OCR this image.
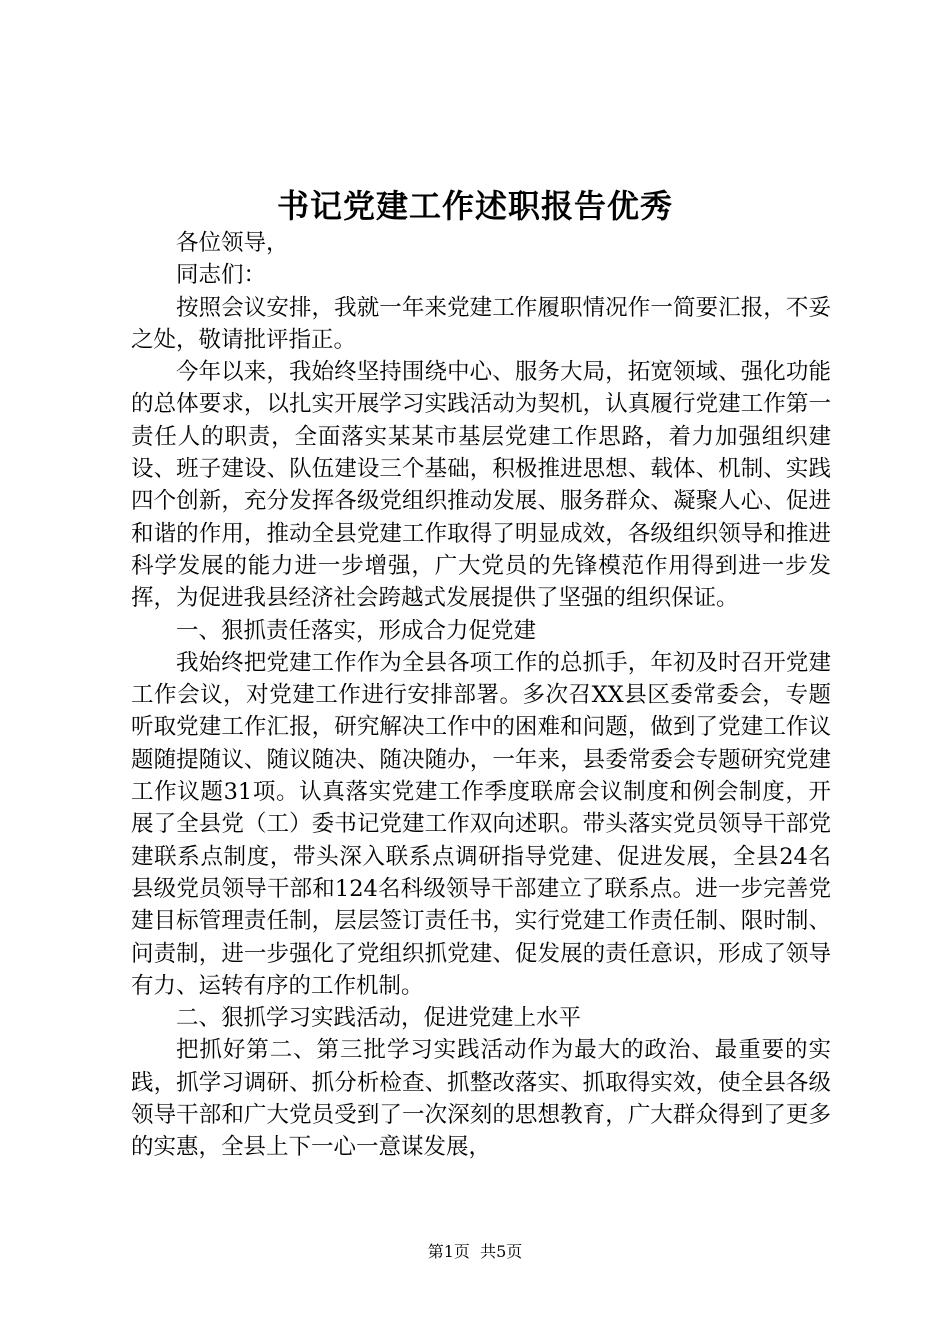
书记党建工作述职报告优秀

各位领导，

同志们：

按照会议安排，我就一年来党建工作履职情况作一简要汇报，不妥之处，敬请批评指正。

今年以来，我始终坚持围绕中心、服务大局，拓宽领域、强化功能的总体要求，以扎实开展学习实践活动为契机，认真履行党建工作第一责任人的职责，全面落实某某市基层党建工作思路，着力加强组织建设、班子建设、队伍建设三个基础，积极推进思想、载体、机制、实践四个创新，充分发挥各级党组织推动发展、服务群众、凝聚人心、促进和谐的作用，推动全县党建工作取得了明显成效，各级组织领导和推进科学发展的能力进一步增强，广大党员的先锋模范作用得到进一步发挥，为促进我县经济社会跨越式发展提供了坚强的组织保证。

一、狠抓责任落实，形成合力促党建

我始终把党建工作作为全县各项工作的总抓手，年初及时召开党建工作会议，对党建工作进行安排部署。多次召XX县区委常委会，专题听取党建工作汇报，研究解决工作中的困难和问题，做到了党建工作议题随提随议、随议随决、随决随办，一年来，县委常委会专题研究党建工作议题31项。认真落实党建工作季度联席会议制度和例会制度，开展了全县党（工）委书记党建工作双向述职。带头落实党员领导干部党建联系点制度，带头深入联系点调研指导党建、促进发展，全县24名县级党员领导干部和124名科级领导干部建立了联系点。进一步完善党建目标管理责任制，层层签订责任书，实行党建工作责任制、限时制、问责制，进一步强化了党组织抓党建、促发展的责任意识，形成了领导有力、运转有序的工作机制。

二、狠抓学习实践活动，促进党建上水平

把抓好第二、第三批学习实践活动作为最大的政治、最重要的实践，抓学习调研、抓分析检查、抓整改落实、抓取得实效，使全县各级领导干部和广大党员受到了一次深刻的思想教育，广大群众得到了更多的实惠，全县上下一心一意谋发展，

第1页 共5页
